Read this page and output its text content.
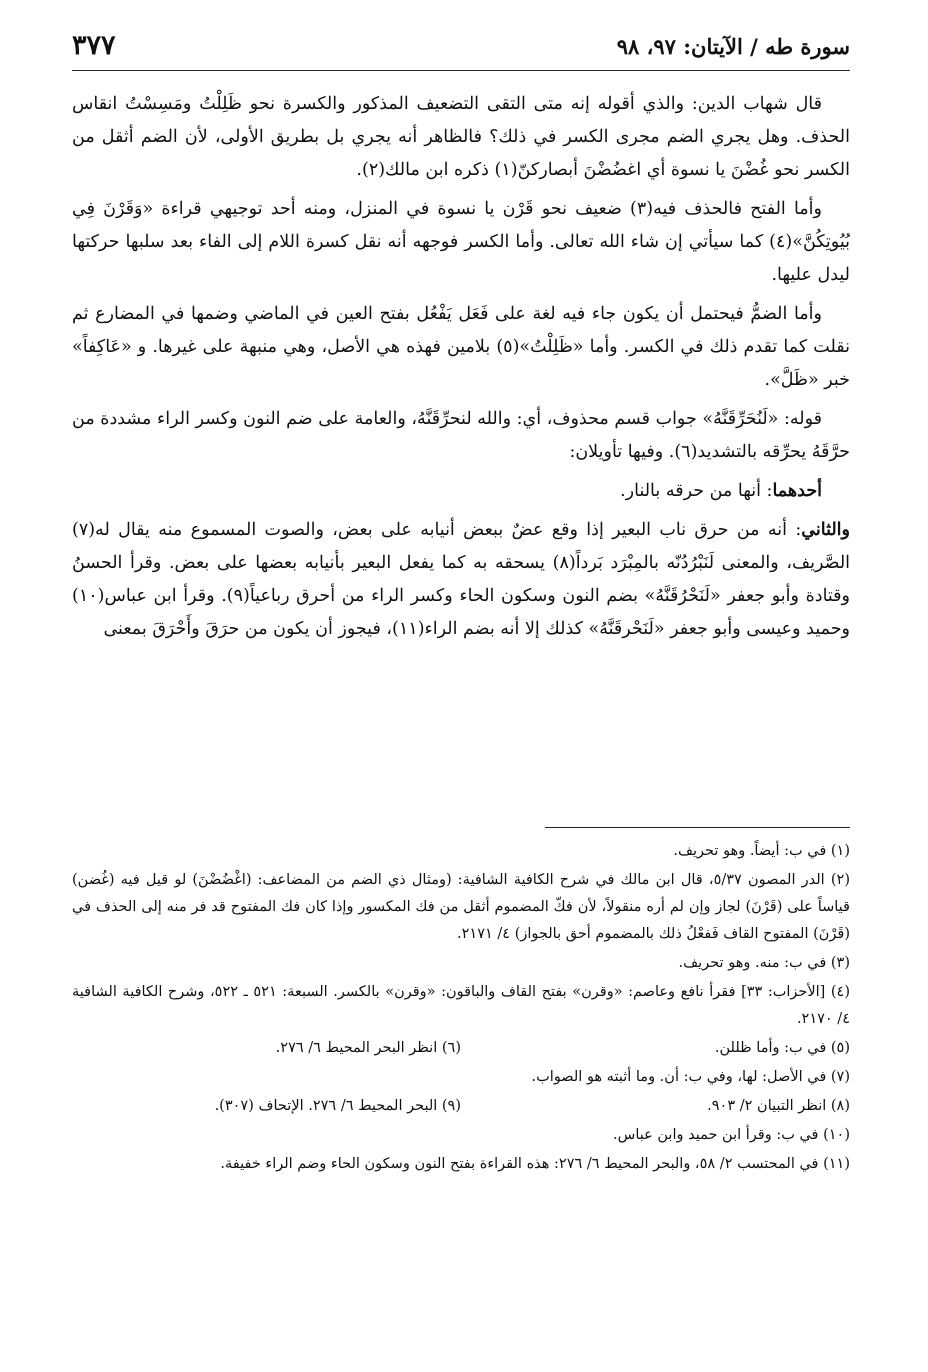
سورة طه / الآيتان: ٩٧، ٩٨
٣٧٧

قال شهاب الدين: والذي أقوله إنه متى التقى التضعيف المذكور والكسرة نحو ظَلِلْتُ ومَسِسْتُ انقاس الحذف. وهل يجري الضم مجرى الكسر في ذلك؟ فالظاهر أنه يجري بل بطريق الأولى، لأن الضم أثقل من الكسر نحو غُضْنَ يا نسوة أي اغضُضْنَ أبصاركنّ(١) ذكره ابن مالك(٢).

وأما الفتح فالحذف فيه(٣) ضعيف نحو قَرْن يا نسوة في المنزل، ومنه أحد توجيهي قراءة «وَقَرْنَ فِي بُيُوتِكُنَّ»(٤) كما سيأتي إن شاء الله تعالى. وأما الكسر فوجهه أنه نقل كسرة اللام إلى الفاء بعد سلبها حركتها ليدل عليها.

وأما الضمُّ فيحتمل أن يكون جاء فيه لغة على فَعَل يَفْعُل بفتح العين في الماضي وضمها في المضارع ثم نقلت كما تقدم ذلك في الكسر. وأما «ظَلِلْتُ»(٥) بلامين فهذه هي الأصل، وهي منبهة على غيرها. و «عَاكِفاً» خبر «ظَلَّ».

قوله: «لَنُحَرِّقَنَّهُ» جواب قسم محذوف، أي: والله لنحرِّقَنَّهُ، والعامة على ضم النون وكسر الراء مشددة من حرَّقَهُ يحرِّقه بالتشديد(٦). وفيها تأويلان:

أحدهما: أنها من حرقه بالنار.

والثاني: أنه من حرق ناب البعير إذا وقع عضٌ ببعض أنيابه على بعض، والصوت المسموع منه يقال له(٧) الصَّريف، والمعنى لَنَبْرُدُنّه بالمِبْرَد بَرداً(٨) يسحقه به كما يفعل البعير بأنيابه بعضها على بعض. وقرأ الحسنُ وقتادة وأبو جعفر «لَنَحْرُقَنَّهُ» بضم النون وسكون الحاء وكسر الراء من أحرق رباعياً(٩). وقرأ ابن عباس(١٠) وحميد وعيسى وأبو جعفر «لَنَحْرقَنَّهُ» كذلك إلا أنه بضم الراء(١١)، فيجوز أن يكون من حرَقَ وأَحْرَقَ بمعنى

(١) في ب: أيضاً. وهو تحريف.
(٢) الدر المصون ٥/٣٧، قال ابن مالك في شرح الكافية الشافية: (ومثال ذي الضم من المضاعف: (اغْضُضْنَ) لو قيل فيه (غُضن) قياساً على (قَرْنَ) لجاز وإن لم أره منقولاً، لأن فكّ المضموم أثقل من فك المكسور وإذا كان فك المفتوح قد فر منه إلى الحذف في (قَرْنَ) المفتوح القاف فَفعْلُ ذلك بالمضموم أحق بالجواز) ٤/ ٢١٧١.
(٣) في ب: منه. وهو تحريف.
(٤) [الأحزاب: ٣٣] فقرأ نافع وعاصم: «وقرن» بفتح القاف والباقون: «وقرن» بالكسر. السبعة: ٥٢١ ـ ٥٢٢، وشرح الكافية الشافية ٤/ ٢١٧٠.
(٥) في ب: وأما ظللن.
(٦) انظر البحر المحيط ٦/ ٢٧٦.
(٧) في الأصل: لها، وفي ب: أن. وما أثبته هو الصواب.
(٨) انظر التبيان ٢/ ٩٠٣.
(٩) البحر المحيط ٦/ ٢٧٦. الإتحاف (٣٠٧).
(١٠) في ب: وقرأ ابن حميد وابن عباس.
(١١) في المحتسب ٢/ ٥٨، والبحر المحيط ٦/ ٢٧٦: هذه القراءة بفتح النون وسكون الحاء وضم الراء خفيفة.
